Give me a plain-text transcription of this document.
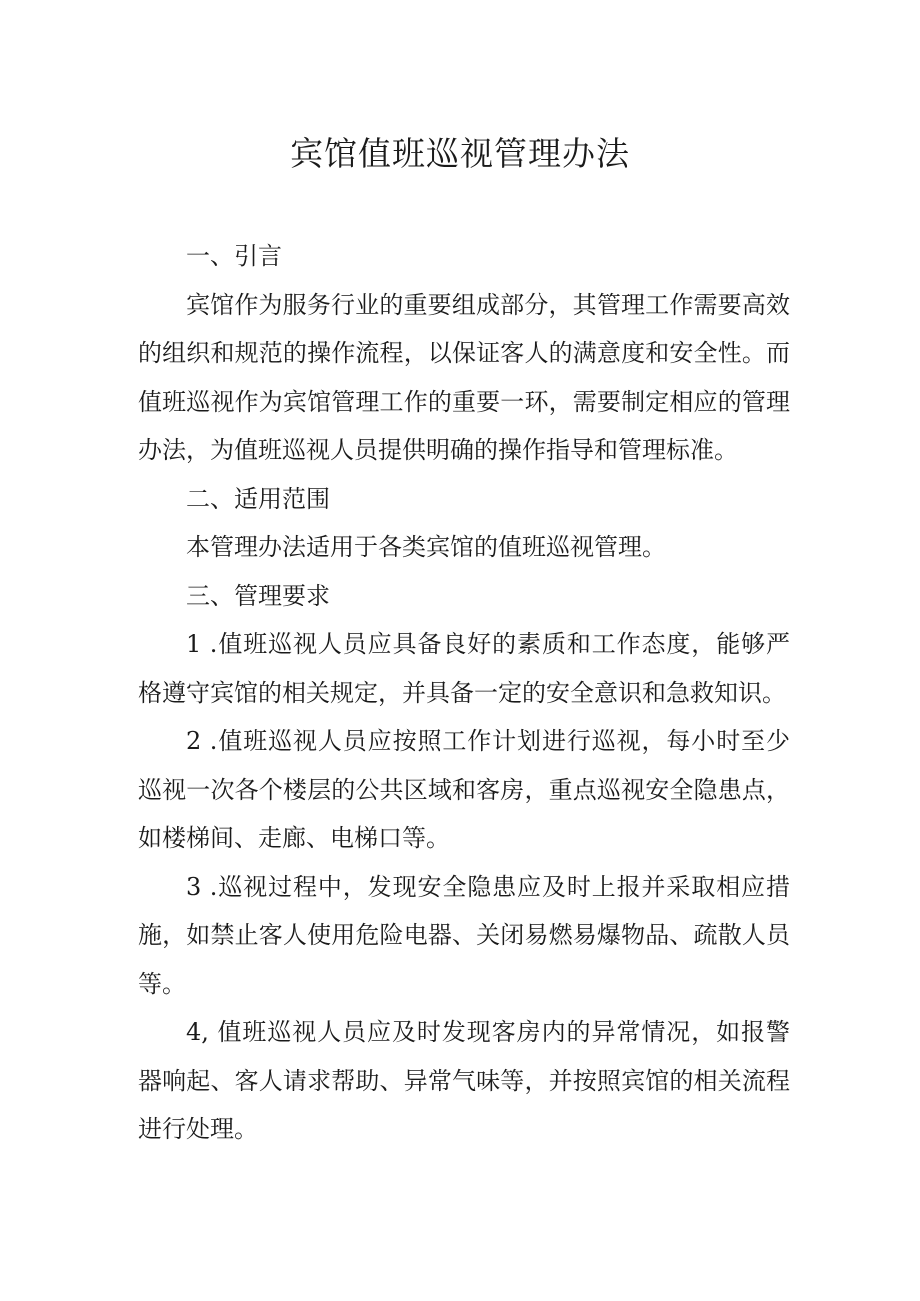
宾馆值班巡视管理办法

一、引言

宾馆作为服务行业的重要组成部分，其管理工作需要高效的组织和规范的操作流程，以保证客人的满意度和安全性。而值班巡视作为宾馆管理工作的重要一环，需要制定相应的管理办法，为值班巡视人员提供明确的操作指导和管理标准。

二、适用范围

本管理办法适用于各类宾馆的值班巡视管理。

三、管理要求

1 .值班巡视人员应具备良好的素质和工作态度，能够严格遵守宾馆的相关规定，并具备一定的安全意识和急救知识。

2 .值班巡视人员应按照工作计划进行巡视，每小时至少巡视一次各个楼层的公共区域和客房，重点巡视安全隐患点，如楼梯间、走廊、电梯口等。

3 .巡视过程中，发现安全隐患应及时上报并采取相应措施，如禁止客人使用危险电器、关闭易燃易爆物品、疏散人员等。

4, 值班巡视人员应及时发现客房内的异常情况，如报警器响起、客人请求帮助、异常气味等，并按照宾馆的相关流程进行处理。
